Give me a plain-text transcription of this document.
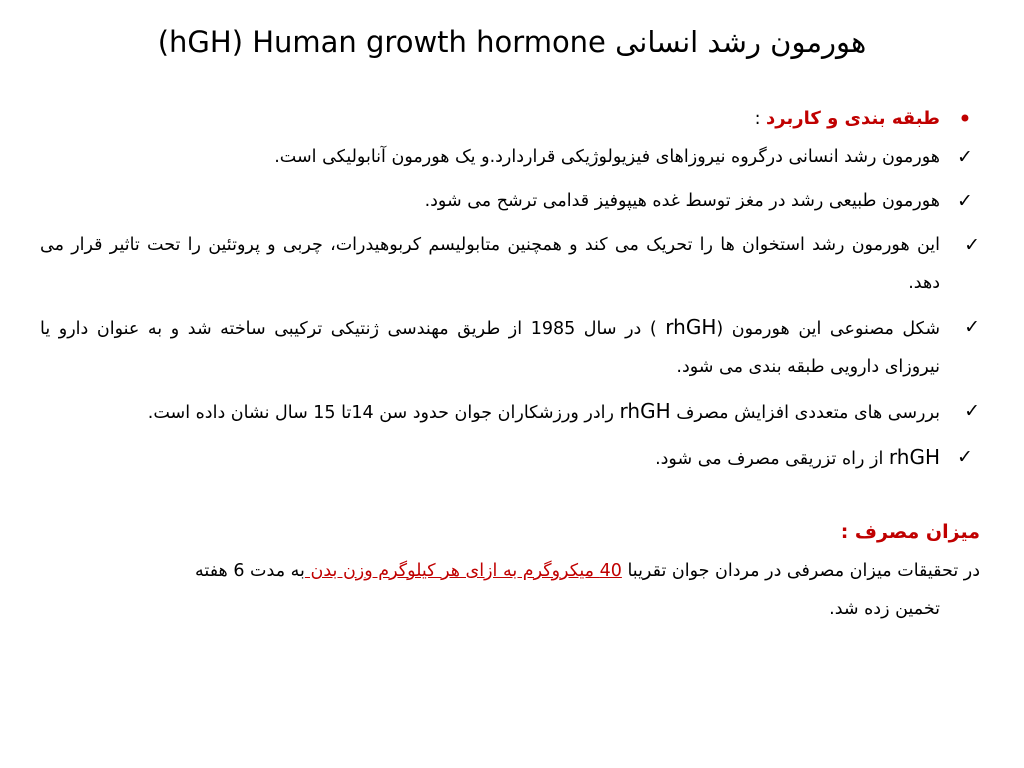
(hGH) Human growth hormone هورمون رشد انسانی
•
طبقه بندی و کاربرد :
✓
هورمون رشد انسانی درگروه نیروزاهای فیزیولوژیکی قراردارد.و یک هورمون آنابولیکی است.
✓
هورمون طبیعی رشد در مغز توسط غده هیپوفیز قدامی ترشح می شود.
✓
این هورمون رشد استخوان ها را تحریک می کند و همچنین متابولیسم کربوهیدرات، چربی و پروتئین را تحت تاثیر قرار می دهد.
✓
شکل مصنوعی این هورمون (rhGH ) در سال 1985 از طریق مهندسی ژنتیکی ترکیبی ساخته شد و به عنوان دارو یا نیروزای دارویی طبقه بندی می شود.
✓
بررسی های متعددی افزایش مصرف rhGH رادر ورزشکاران جوان حدود سن 14تا 15 سال نشان داده است.
✓
rhGH از راه تزریقی مصرف می شود.
میزان مصرف :
در تحقیقات میزان مصرفی در مردان جوان تقریبا 40 میکروگرم به ازای هر کیلوگرم وزن بدن به مدت 6 هفته
تخمین زده شد.
